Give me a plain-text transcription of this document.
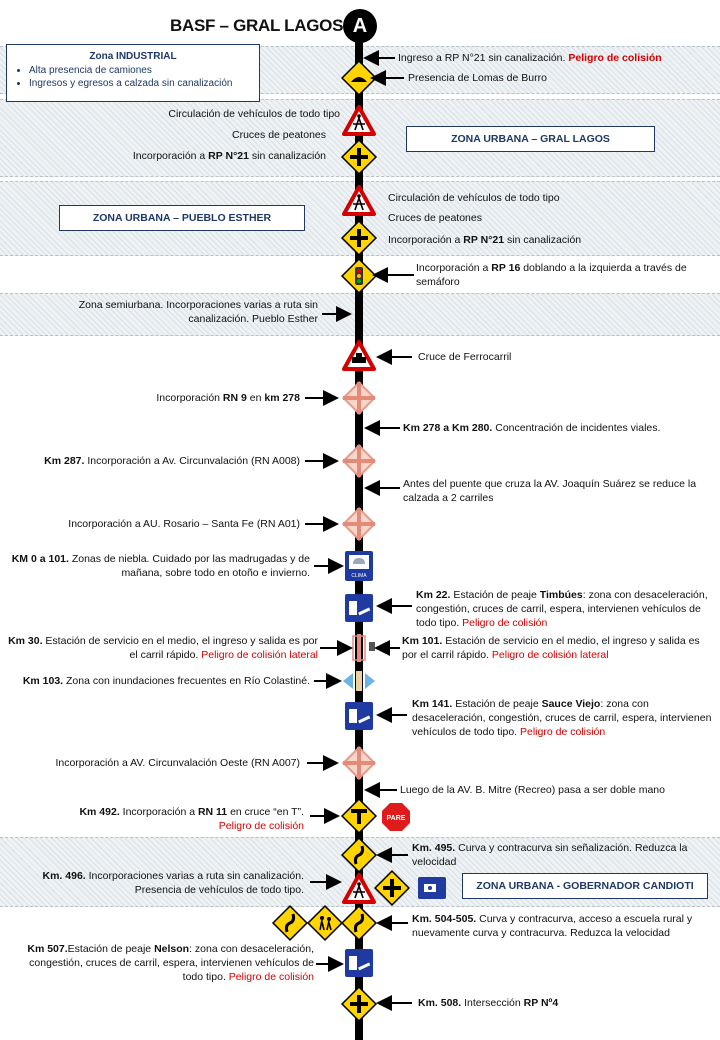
BASF – GRAL LAGOS A
Zona INDUSTRIAL
• Alta presencia de camiones
• Ingresos y egresos a calzada sin canalización
ZONA URBANA – GRAL LAGOS
ZONA URBANA – PUEBLO ESTHER
ZONA URBANA - GOBERNADOR CANDIOTI
CLIMA
PARE
Ingreso a RP N°21 sin canalización. Peligro de colisión
Presencia de Lomas de Burro
Circulación de vehículos de todo tipo
Cruces de peatones
Incorporación a RP N°21 sin canalización
Circulación de vehículos de todo tipo
Cruces de peatones
Incorporación a RP N°21 sin canalización
Incorporación a RP 16 doblando a la izquierda a través de semáforo
Zona semiurbana. Incorporaciones varias a ruta sin canalización. Pueblo Esther
Cruce de Ferrocarril
Incorporación RN 9 en km 278
Km 278 a Km 280. Concentración de incidentes viales.
Km 287. Incorporación a Av. Circunvalación (RN A008)
Antes del puente que cruza la AV. Joaquín Suárez se reduce la calzada a 2 carriles
Incorporación a AU. Rosario – Santa Fe (RN A01)
KM 0 a 101. Zonas de niebla. Cuidado por las madrugadas y de mañana, sobre todo en otoño e invierno.
Km 22. Estación de peaje Timbúes: zona con desaceleración, congestión, cruces de carril, espera, intervienen vehículos de todo tipo. Peligro de colisión
Km 30. Estación de servicio en el medio, el ingreso y salida es por el carril rápido. Peligro de colisión lateral
Km 101. Estación de servicio en el medio, el ingreso y salida es por el carril rápido. Peligro de colisión lateral
Km 103. Zona con inundaciones frecuentes en Río Colastiné.
Km 141. Estación de peaje Sauce Viejo: zona con desaceleración, congestión, cruces de carril, espera, intervienen vehículos de todo tipo. Peligro de colisión
Incorporación a AV. Circunvalación Oeste (RN A007)
Luego de la AV. B. Mitre (Recreo) pasa a ser doble mano
Km 492. Incorporación a RN 11 en cruce “en T”.
Peligro de colisión
Km. 495. Curva y contracurva sin señalización. Reduzca la velocidad
Km. 496. Incorporaciones varias a ruta sin canalización. Presencia de vehículos de todo tipo.
Km. 504-505. Curva y contracurva, acceso a escuela rural y nuevamente curva y contracurva. Reduzca la velocidad
Km 507.Estación de peaje Nelson: zona con desaceleración, congestión, cruces de carril, espera, intervienen vehículos de todo tipo. Peligro de colisión
Km. 508. Intersección RP Nº4
